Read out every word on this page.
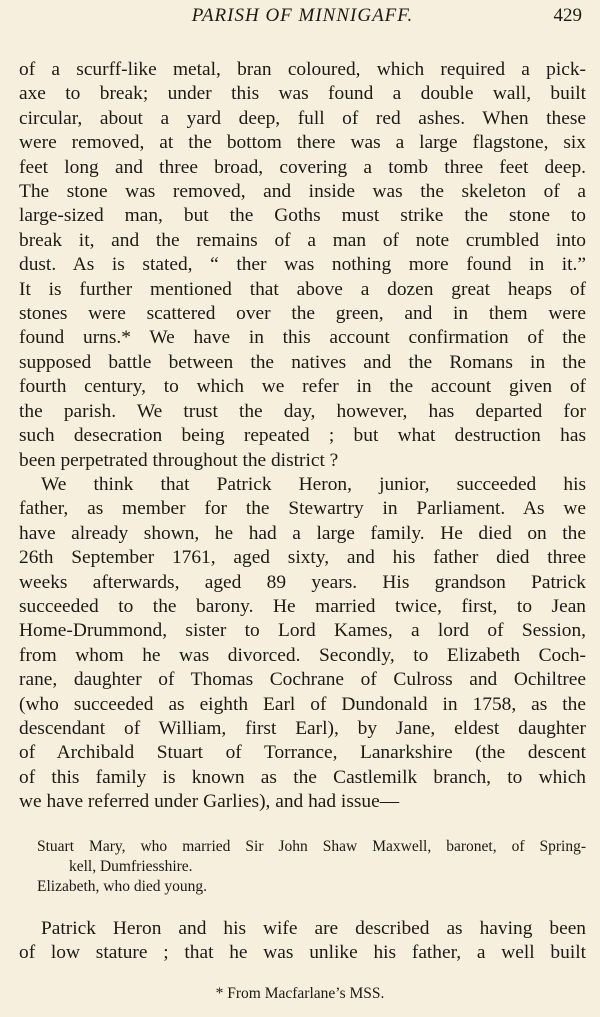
PARISH OF MINNIGAFF.	429
of a scurff-like metal, bran coloured, which required a pick-
axe to break; under this was found a double wall, built
circular, about a yard deep, full of red ashes. When these
were removed, at the bottom there was a large flagstone, six
feet long and three broad, covering a tomb three feet deep.
The stone was removed, and inside was the skeleton of a
large-sized man, but the Goths must strike the stone to
break it, and the remains of a man of note crumbled into
dust. As is stated, “ ther was nothing more found in it.”
It is further mentioned that above a dozen great heaps of
stones were scattered over the green, and in them were
found urns.* We have in this account confirmation of the
supposed battle between the natives and the Romans in the
fourth century, to which we refer in the account given of
the parish. We trust the day, however, has departed for
such desecration being repeated ; but what destruction has
been perpetrated throughout the district ?
We think that Patrick Heron, junior, succeeded his
father, as member for the Stewartry in Parliament. As we
have already shown, he had a large family. He died on the
26th September 1761, aged sixty, and his father died three
weeks afterwards, aged 89 years. His grandson Patrick
succeeded to the barony. He married twice, first, to Jean
Home-Drummond, sister to Lord Kames, a lord of Session,
from whom he was divorced. Secondly, to Elizabeth Coch-
rane, daughter of Thomas Cochrane of Culross and Ochiltree
(who succeeded as eighth Earl of Dundonald in 1758, as the
descendant of William, first Earl), by Jane, eldest daughter
of Archibald Stuart of Torrance, Lanarkshire (the descent
of this family is known as the Castlemilk branch, to which
we have referred under Garlies), and had issue—
Stuart Mary, who married Sir John Shaw Maxwell, baronet, of Spring-
kell, Dumfriesshire.
Elizabeth, who died young.
Patrick Heron and his wife are described as having been
of low stature ; that he was unlike his father, a well built
* From Macfarlane’s MSS.
